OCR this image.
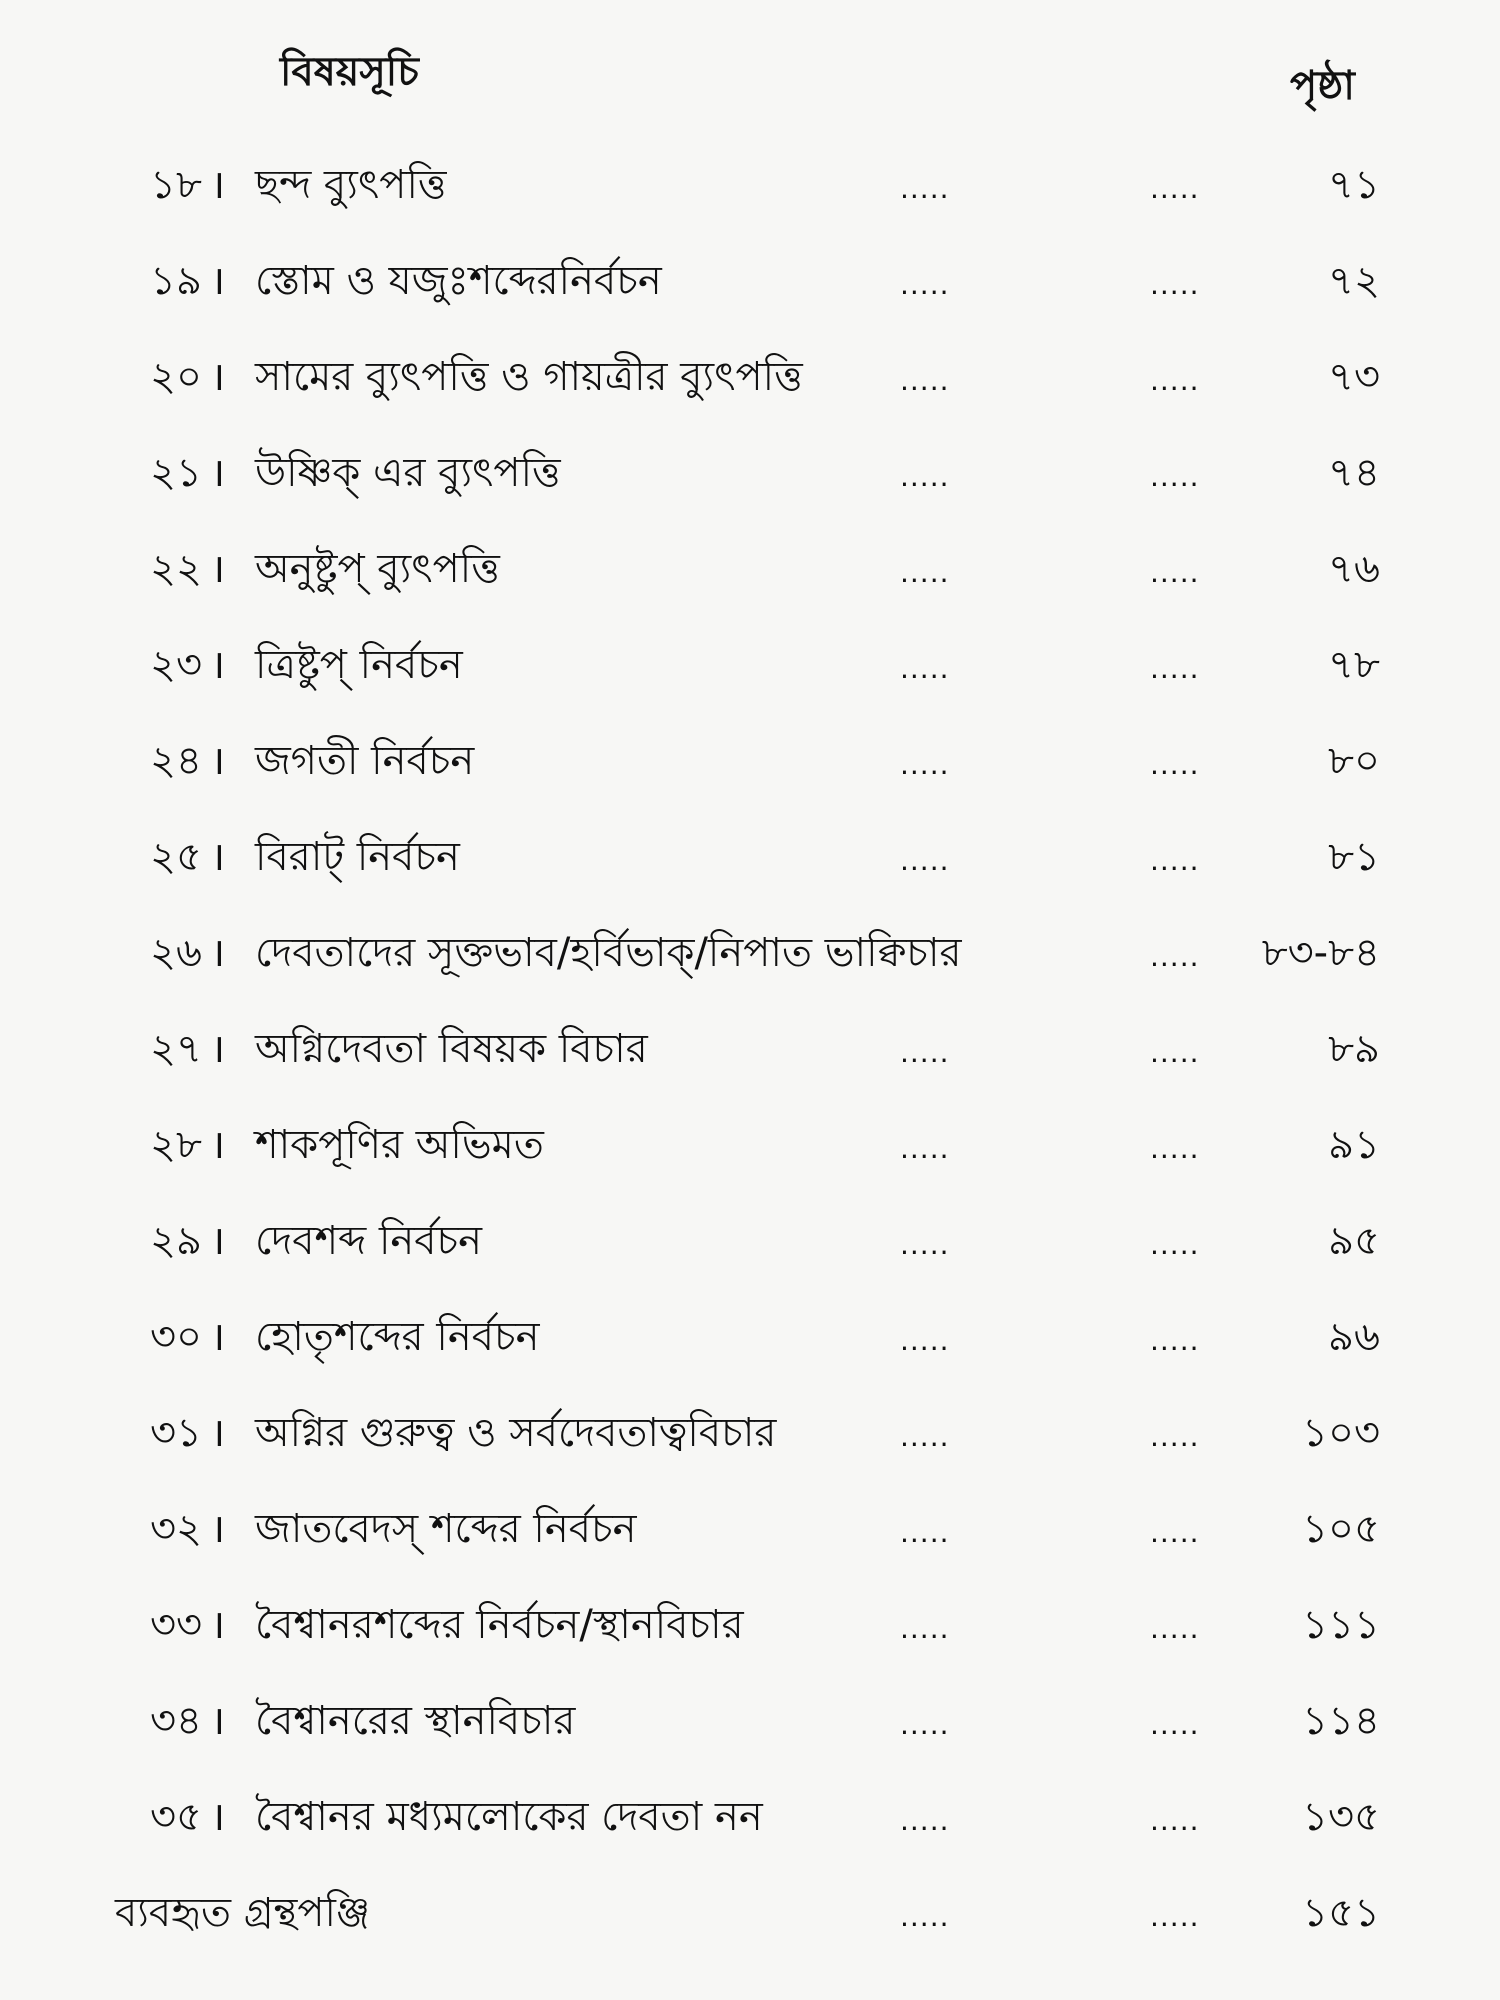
বিষয়সূচি	পৃষ্ঠা
১৮ । ছন্দ ব্যুৎপত্তি	.....	.....	৭১
১৯ । স্তোম ও যজুঃশব্দেরনির্বচন	.....	.....	৭২
২০ । সামের ব্যুৎপত্তি ও গায়ত্রীর ব্যুৎপত্তি	.....	.....	৭৩
২১ । উষ্ণিক্ এর ব্যুৎপত্তি	.....	.....	৭৪
২২ । অনুষ্টুপ্ ব্যুৎপত্তি	.....	.....	৭৬
২৩ । ত্রিষ্টুপ্ নির্বচন	.....	.....	৭৮
২৪ । জগতী নির্বচন	.....	.....	৮০
২৫ । বিরাট্ নির্বচন	.....	.....	৮১
২৬ । দেবতাদের সূক্তভাব/হর্বিভাক্/নিপাত ভাক্বিচার	..... ৮৩-৮৪
২৭ । অগ্নিদেবতা বিষয়ক বিচার	.....	.....	৮৯
২৮ । শাকপূণির অভিমত	.....	.....	৯১
২৯ । দেবশব্দ নির্বচন	.....	.....	৯৫
৩০ । হোতৃশব্দের নির্বচন	.....	.....	৯৬
৩১ । অগ্নির গুরুত্ব ও সর্বদেবতাত্ববিচার	.....	.....	১০৩
৩২ । জাতবেদস্ শব্দের নির্বচন	.....	.....	১০৫
৩৩ । বৈশ্বানরশব্দের নির্বচন/স্থানবিচার	.....	.....	১১১
৩৪ । বৈশ্বানরের স্থানবিচার	.....	.....	১১৪
৩৫ । বৈশ্বানর মধ্যমলোকের দেবতা নন	.....	.....	১৩৫
ব্যবহৃত গ্রন্থপঞ্জি	.....	.....	১৫১
